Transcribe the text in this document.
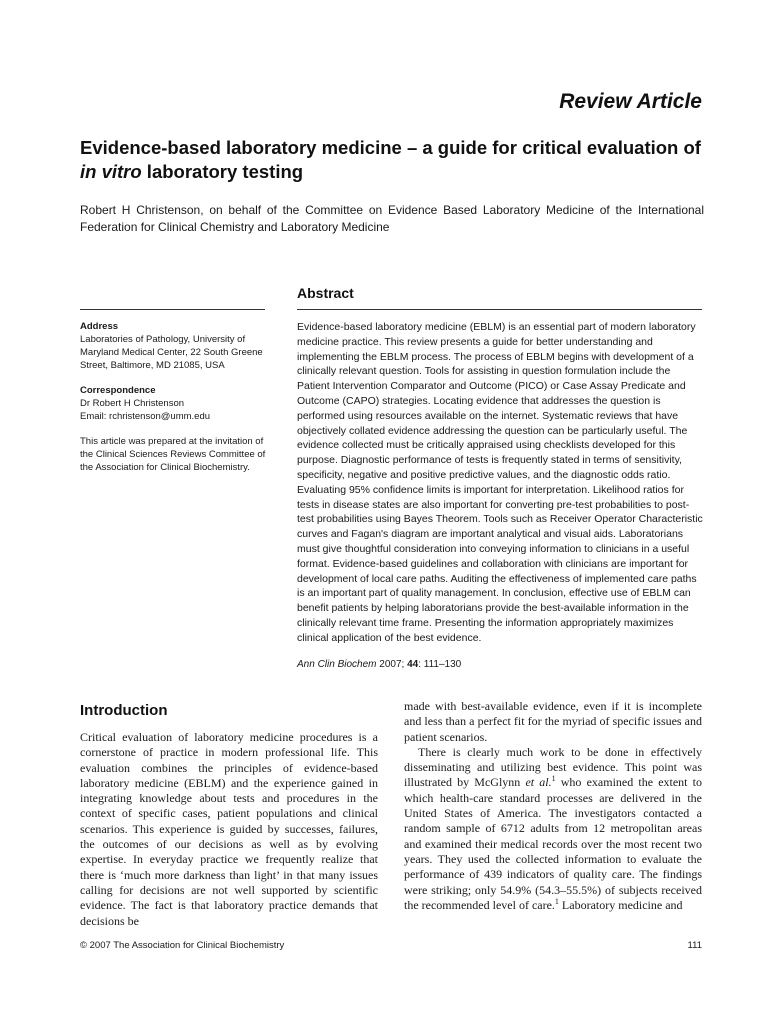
Review Article
Evidence-based laboratory medicine – a guide for critical evaluation of in vitro laboratory testing
Robert H Christenson, on behalf of the Committee on Evidence Based Laboratory Medicine of the International Federation for Clinical Chemistry and Laboratory Medicine
Abstract
Address
Laboratories of Pathology, University of Maryland Medical Center, 22 South Greene Street, Baltimore, MD 21085, USA
Correspondence
Dr Robert H Christenson
Email: rchristenson@umm.edu
This article was prepared at the invitation of the Clinical Sciences Reviews Committee of the Association for Clinical Biochemistry.
Evidence-based laboratory medicine (EBLM) is an essential part of modern laboratory medicine practice. This review presents a guide for better understanding and implementing the EBLM process. The process of EBLM begins with development of a clinically relevant question. Tools for assisting in question formulation include the Patient Intervention Comparator and Outcome (PICO) or Case Assay Predicate and Outcome (CAPO) strategies. Locating evidence that addresses the question is performed using resources available on the internet. Systematic reviews that have objectively collated evidence addressing the question can be particularly useful. The evidence collected must be critically appraised using checklists developed for this purpose. Diagnostic performance of tests is frequently stated in terms of sensitivity, specificity, negative and positive predictive values, and the diagnostic odds ratio. Evaluating 95% confidence limits is important for interpretation. Likelihood ratios for tests in disease states are also important for converting pre-test probabilities to post-test probabilities using Bayes Theorem. Tools such as Receiver Operator Characteristic curves and Fagan's diagram are important analytical and visual aids. Laboratorians must give thoughtful consideration into conveying information to clinicians in a useful format. Evidence-based guidelines and collaboration with clinicians are important for development of local care paths. Auditing the effectiveness of implemented care paths is an important part of quality management. In conclusion, effective use of EBLM can benefit patients by helping laboratorians provide the best-available information in the clinically relevant time frame. Presenting the information appropriately maximizes clinical application of the best evidence.
Ann Clin Biochem 2007; 44: 111–130
Introduction

Critical evaluation of laboratory medicine procedures is a cornerstone of practice in modern professional life. This evaluation combines the principles of evidence-based laboratory medicine (EBLM) and the experience gained in integrating knowledge about tests and procedures in the context of specific cases, patient populations and clinical scenarios. This experience is guided by successes, failures, the outcomes of our decisions as well as by evolving expertise. In everyday practice we frequently realize that there is ‘much more darkness than light’ in that many issues calling for decisions are not well supported by scientific evidence. The fact is that laboratory practice demands that decisions be

made with best-available evidence, even if it is incomplete and less than a perfect fit for the myriad of specific issues and patient scenarios.

There is clearly much work to be done in effectively disseminating and utilizing best evidence. This point was illustrated by McGlynn et al.$^1$ who examined the extent to which health-care standard processes are delivered in the United States of America. The investigators contacted a random sample of 6712 adults from 12 metropolitan areas and examined their medical records over the most recent two years. They used the collected information to evaluate the performance of 439 indicators of quality care. The findings were striking; only 54.9% (54.3–55.5%) of subjects received the recommended level of care.$^1$ Laboratory medicine and

© 2007 The Association for Clinical Biochemistry	111
